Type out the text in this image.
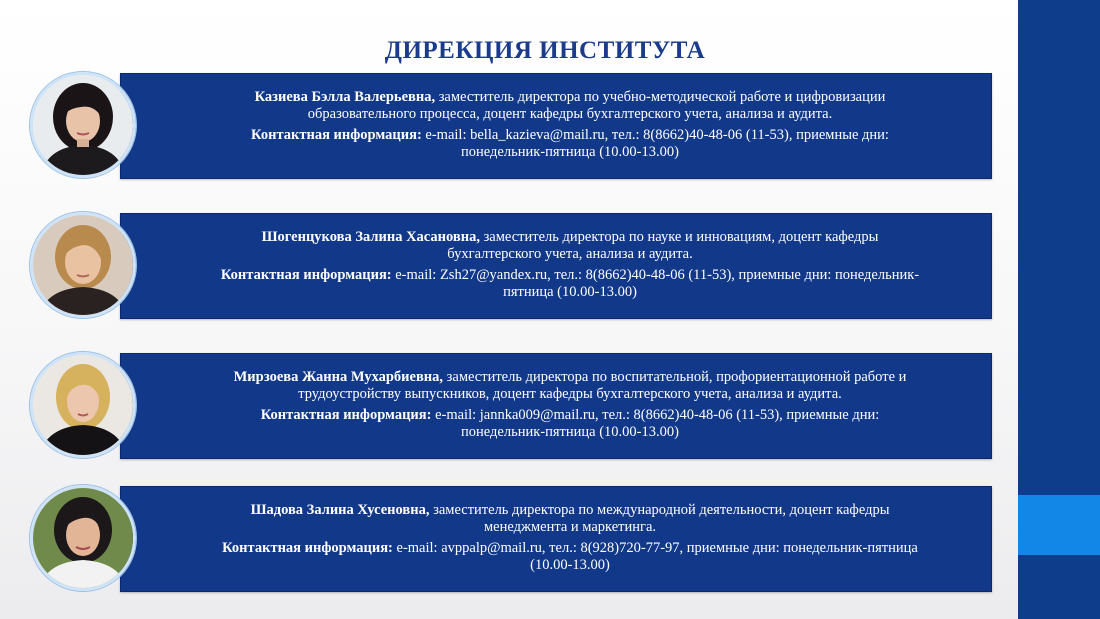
ДИРЕКЦИЯ ИНСТИТУТА

Казиева Бэлла Валерьевна, заместитель директора по учебно-методической работе и цифровизации
образовательного процесса, доцент кафедры бухгалтерского учета, анализа и аудита.

Контактная информация: e-mail: bella_kazieva@mail.ru, тел.: 8(8662)40-48-06 (11-53), приемные дни:
понедельник-пятница (10.00-13.00)

Шогенцукова Залина Хасановна, заместитель директора по науке и инновациям, доцент кафедры
бухгалтерского учета, анализа и аудита.

Контактная информация: e-mail: Zsh27@yandex.ru, тел.: 8(8662)40-48-06 (11-53), приемные дни: понедельник-
пятница (10.00-13.00)

Мирзоева Жанна Мухарбиевна, заместитель директора по воспитательной, профориентационной работе и
трудоустройству выпускников, доцент кафедры бухгалтерского учета, анализа и аудита.

Контактная информация: e-mail: jannka009@mail.ru, тел.: 8(8662)40-48-06 (11-53), приемные дни:
понедельник-пятница (10.00-13.00)

Шадова Залина Хусеновна, заместитель директора по международной деятельности, доцент кафедры
менеджмента и маркетинга.

Контактная информация: e-mail: avppalp@mail.ru, тел.: 8(928)720-77-97, приемные дни: понедельник-пятница
(10.00-13.00)
